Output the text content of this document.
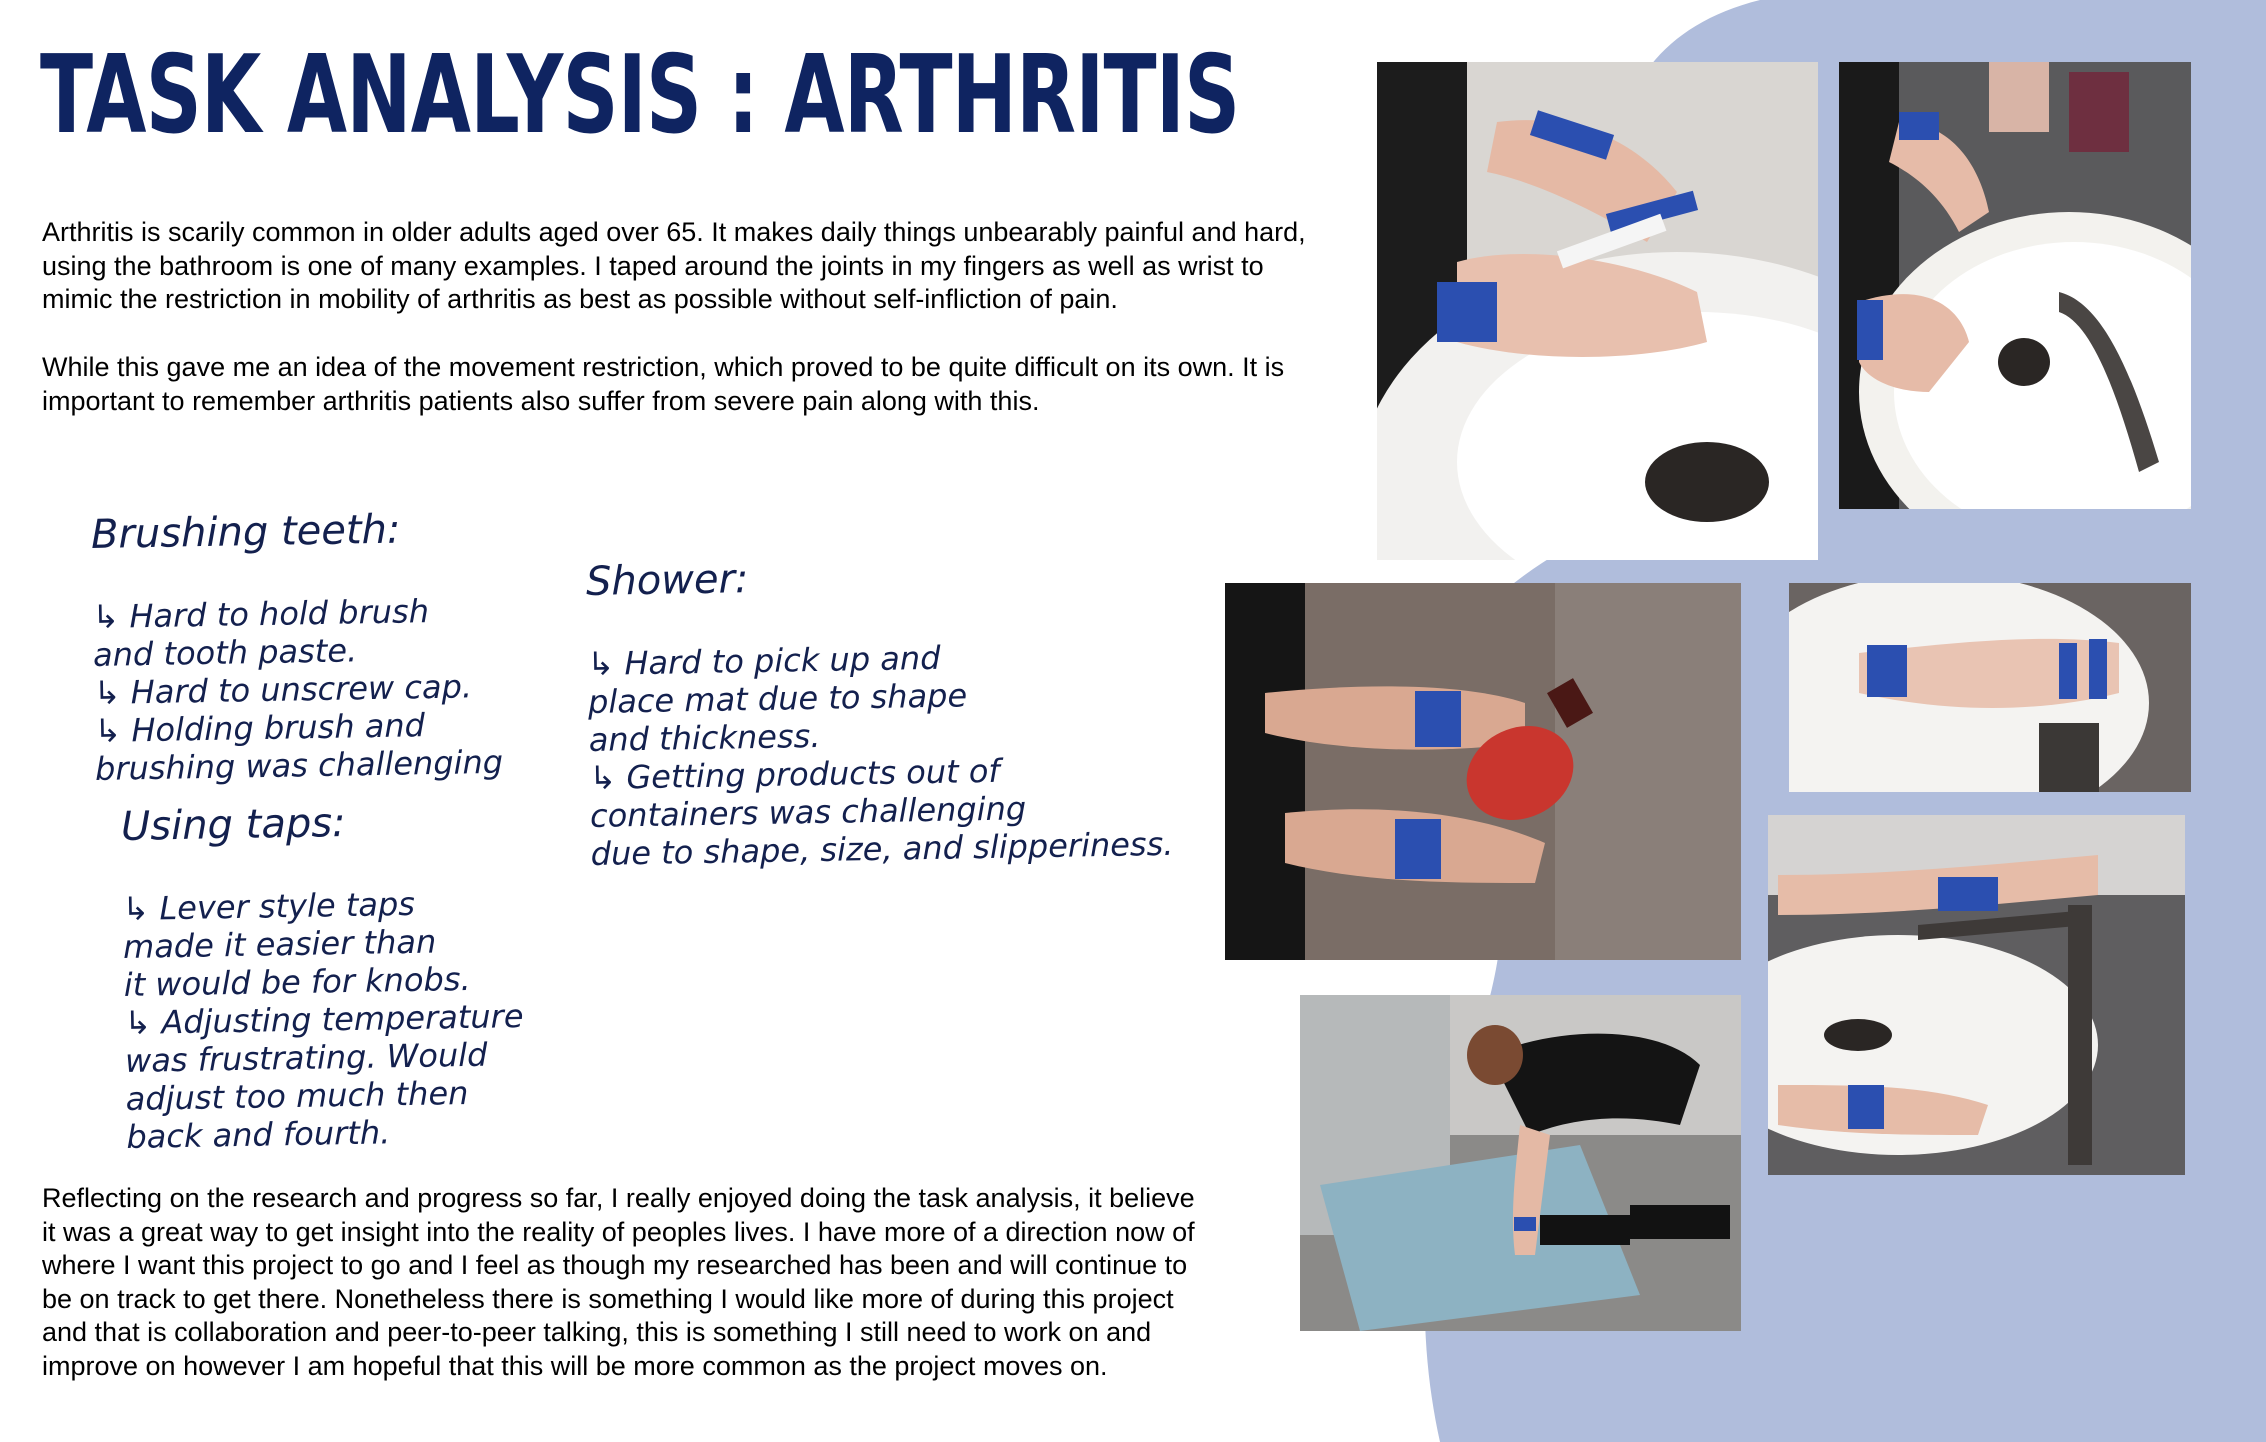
TASK ANALYSIS : ARTHRITIS

Arthritis is scarily common in older adults aged over 65. It makes daily things unbearably painful and hard,
using the bathroom is one of many examples. I taped around the joints in my fingers as well as wrist to
mimic the restriction in mobility of arthritis as best as possible without self-infliction of pain.

While this gave me an idea of the movement restriction, which proved to be quite difficult on its own. It is
important to remember arthritis patients also suffer from severe pain along with this.

Brushing teeth:

↳ Hard to hold brush
and tooth paste.
↳ Hard to unscrew cap.
↳ Holding brush and
brushing was challenging

Using taps:

↳ Lever style taps
made it easier than
it would be for knobs.
↳ Adjusting temperature
was frustrating. Would
adjust too much then
back and fourth.

Shower:

↳ Hard to pick up and
place mat due to shape
and thickness.
↳ Getting products out of
containers was challenging
due to shape, size, and slipperiness.

Reflecting on the research and progress so far, I really enjoyed doing the task analysis, it believe
it was a great way to get insight into the reality of peoples lives. I have more of a direction now of
where I want this project to go and I feel as though my researched has been and will continue to
be on track to get there. Nonetheless there is something I would like more of during this project
and that is collaboration and peer-to-peer talking, this is something I still need to work on and
improve on however I am hopeful that this will be more common as the project moves on.
